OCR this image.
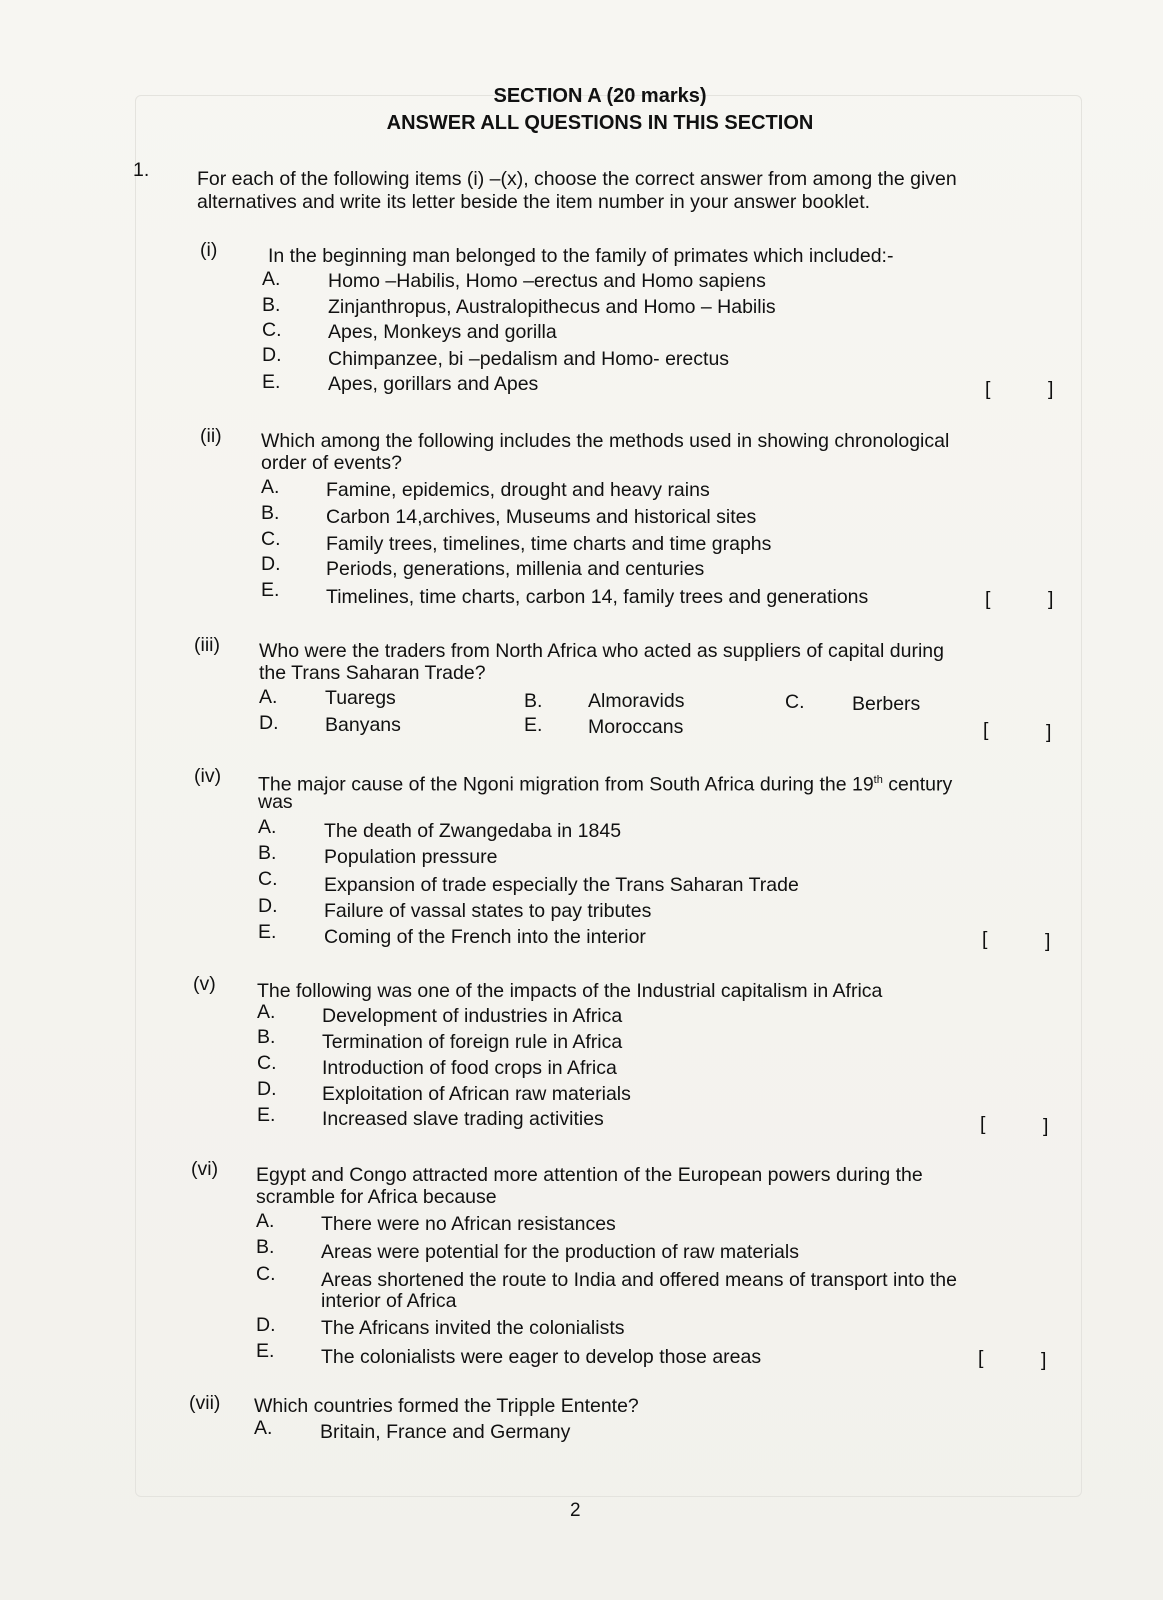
SECTION A (20 marks)
ANSWER ALL QUESTIONS IN THIS SECTION
1. For each of the following items (i) –(x), choose the correct answer from among the given
alternatives and write its letter beside the item number in your answer booklet.
(i)	In the beginning man belonged to the family of primates which included:-
A. Homo –Habilis, Homo –erectus and Homo sapiens
B. Zinjanthropus, Australopithecus and Homo – Habilis
C. Apes, Monkeys and gorilla
D. Chimpanzee, bi –pedalism and Homo- erectus
E. Apes, gorillars and Apes	[	]
(ii) Which among the following includes the methods used in showing chronological
order of events?
A. Famine, epidemics, drought and heavy rains
B. Carbon 14,archives, Museums and historical sites
C. Family trees, timelines, time charts and time graphs
D. Periods, generations, millenia and centuries
E. Timelines, time charts, carbon 14, family trees and generations	[	]
(iii) Who were the traders from North Africa who acted as suppliers of capital during
the Trans Saharan Trade?
A. Tuaregs	B. Almoravids	C. Berbers
D. Banyans	E. Moroccans	[	]
(iv) The major cause of the Ngoni migration from South Africa during the 19th century
was
A. The death of Zwangedaba in 1845
B. Population pressure
C. Expansion of trade especially the Trans Saharan Trade
D. Failure of vassal states to pay tributes
E. Coming of the French into the interior	[	]
(v) The following was one of the impacts of the Industrial capitalism in Africa
A. Development of industries in Africa
B. Termination of foreign rule in Africa
C. Introduction of food crops in Africa
D. Exploitation of African raw materials
E. Increased slave trading activities	[	]
(vi) Egypt and Congo attracted more attention of the European powers during the
scramble for Africa because
A. There were no African resistances
B. Areas were potential for the production of raw materials
C. Areas shortened the route to India and offered means of transport into the
interior of Africa
D. The Africans invited the colonialists
E. The colonialists were eager to develop those areas	[	]
(vii) Which countries formed the Tripple Entente?
A. Britain, France and Germany
2
